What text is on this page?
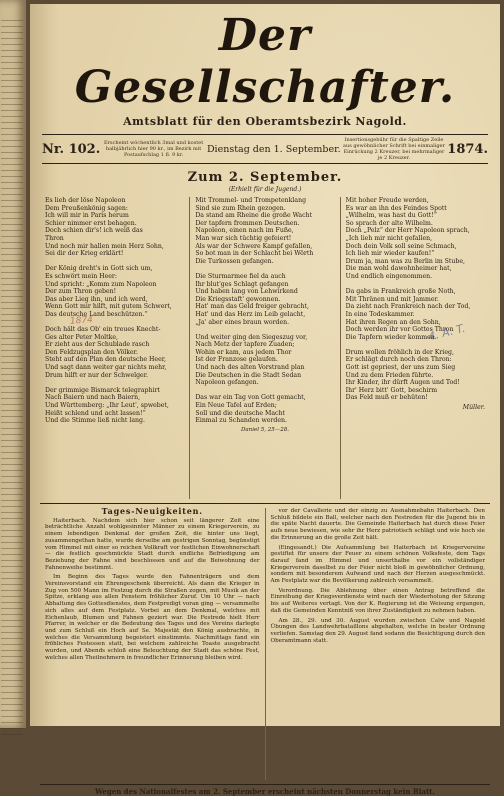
Der Gesellschafter.
Amtsblatt für den Oberamtsbezirk Nagold.
Nr. 102. Erscheint wöchentlich 3mal und kostet halbjährlich hier 90 kr., im Bezirk mit Postaufschlag 1 fl. 9 kr.
Dienstag den 1. September.
Insertionsgebühr für die Spaltige Zeile aus gewöhnlicher Schrift bei einmaliger Einrückung 2 Kreuzer, bei mehrmaliger je 2 Kreuzer.
1874.
Zum 2. September.
(Erhielt für die Jugend.)
Es lieh der löse Napoleon
Dem Preußenkönig sagen:
Ich will mir in Paris herum
Schier nimmer erst behagen.
Doch schien dir's! ich weiß das
Thron
Und noch mir hallen mein Herz Sohn,
Sei dir der Krieg erklärt!

Der König dreht's in Gott sich um,
Es schwört mein Heer:
Und spricht: „Komm zum Napoleon
Der zum Thron geben!
Das aber Lieg ihn, und ich werd,
Wenn Gott mir hilft, mit gutem Schwert,
Das deutsche Land beschützen.“

Doch hält das Ob' ein treues Knecht-
Ges alter Peter Moltke,
Er zieht aus der Schublade rasch
Den Feldzugsplan den Völker.
Steht auf den Plan den deutsche Heer,
Und sagt dann weiter gar nichts mehr,
Drum hilft er nur der Schwelger.

Der grimmige Bismarck telegraphirt
Nach Baiern und nach Baiern,
Und Württemberg: „Ihr Leut', spwebet,
Heißt schlend und acht lassen!“
Und die Stimme ließ nicht lang.
Mit Trommel- und Trompetenklang
Sind sie zum Rhein gezogen.
Da stand am Rheine die große Wacht
Der tapfern frommen Deutschen.
Napoleon, einen nach im Fuße,
Man war sich tüchtig gefeiert!
Als war der Schwere Kampf gefallen,
So bot man in der Schlacht bei Wörth
Die Turkossen gefangen.

Die Sturmarmee fiel da auch
Ihr blut'ges Schlagt gefangen
Und haben lang von Lehwirkend
Die Kriegsstaft' gewonnen.
Hat' man das Geld freiger gebracht,
Hat' und das Herz im Leib gelacht,
„Ja' aber eines braun worden.

Und weiter ging den Siegeszug vor,
Nach Metz der tapfere Zuaden;
Wohin er kam, aus jedem Thor
Ist der Franzose gelaufen.
Und nach des alten Vorstrand plan
Die Deutschen in die Stadt Sedan
Napoleon gefangen.

Das war ein Tag von Gott gemacht,
Ein Neue Tafel auf Erden;
Soll und die deutsche Macht
Einmal zu Schanden werden.
Daniel 5, 25—28.
Mit hoher Freude werden,
Es war an ihn des Feindes Spott
„Wilhelm, was hast du Gott!“
So sprach der alte Wilhelm.
Doch „Pelz“ der Herr Napoleon sprach,
„Ich lieh mir nicht gefallen,
Doch dein Volk soll seine Schmach,
Ich lieh mir wieder kaufen!“
Drum ja, man was zu Berlin im Stube,
Die man wohl dawohnheimer hat,
Und endlich eingenommen.

Da gabs in Frankreich große Noth,
Mit Thränen und mit Jammer.
Da zieht nach Frankreich nach der Tod,
In eine Todeskammer.
Hat ihren Regen an den Sohn,
Doch werden ihr vor Gottes Thron
Die Tapfern wieder kommen.

Drum wollen fröhlich in der Krieg,
Er schlägt durch noch den Thron:
Gott ist gepriest, der uns zum Sieg
Und zu dem Frieden führte.
Ihr Kinder, ihr dürft Augen und Tod!
Ihr' Herz bitt' Gott, beschirm
Das Feld muß er behüten!
Müller.
Tages-Neuigkeiten.

Haiterbach. Nachdem sich hier schon seit längerer Zeit eine beträchtliche Anzahl wohlgesinnter Männer zu einem Kriegerverein, zu einem lebendigen Denkmal der großen Zeit, die hinter uns liegt, zusammengethan hatte, wurde derselbe am gestrigen Sonntag, begünstigt vom Himmel mit einer so reichen Vollkraft vor festlichen Einwohnerschaft — die festlich geschmückte Stadt durch endliche Befriedigung am Beziehung der Fahne sind beschlossen und auf die Beiwohnung der Fahnenweihe bestimmt.

Im Beginn des Tages wurde den Fahnenträgern und dem Vereinsvorstand ein Ehrengeschenk überreicht. Als dann die Krieger in Zug von 500 Mann im Festzug durch die Straßen zogen, mit Musik an der Spitze, erklang aus allen Fenstern fröhlicher Zuruf. Um 10 Uhr — nach Abhaltung des Gottesdienstes, dem Festpredigt voran ging — versammelte sich alles auf dem Festplatz. Vorbei an dem Denkmal, welches mit Eichenlaub, Blumen und Fahnen geziert war. Die Festrede hielt Herr Pfarrer, in welcher er die Bedeutung des Tages und des Vereins darlegte und zum Schluß ein Hoch auf Se. Majestät den König ausbrachte, in welches die Versammlung begeistert einstimmte. Nachmittags fand ein fröhliches Festessen statt, bei welchem zahlreiche Toaste ausgebracht wurden, und Abends schloß eine Beleuchtung der Stadt das schöne Fest, welches allen Theilnehmern in freundlicher Erinnerung bleiben wird.

vor der Cavallerie und der einzig zu Ausnahmebahn Haiterbach. Den Schluß bildete ein Ball, welcher nach den Festreden für die Jugend bis in die späte Nacht dauerte. Die Gemeinde Haiterbach hat durch diese Feier aufs neue bewiesen, wie sehr ihr Herz patriotisch schlägt und wie hoch sie die Erinnerung an die große Zeit hält.

(Eingesandt.) Die Aufsammlung bei Haiterbach ist Kriegervereine gestiftet für unsere der Feuer zu einem schönen Volksfeste, dem Tags darauf fand im Himmel und unserthalbe vor ein vollständiger Kriegerverein daselbst zu der Feier nicht bloß in gewöhnlicher Ordnung, sondern mit besonderem Aufwand und nach der Herzen ausgeschmückt. Am Festplatz war die Bevölkerung zahlreich versammelt.

Verordnung. Die Ablehnung über einen Antrag betreffend die Einreihung der Kriegsverdienste wird nach der Wiederholung der Sitzung bis auf Weiteres vertagt. Von der K. Regierung ist die Weisung ergangen, daß die Gemeinden Kenntniß von ihrer Zuständigkeit zu nehmen haben.

Am 28., 29. und 30. August wurden zwischen Calw und Nagold Übungen des Landwehrbataillons abgehalten, welche in bester Ordnung verliefen. Samstag den 29. August fand sodann die Besichtigung durch den Oberamtmann statt.

Wegen des Nationalfestes am 2. September erscheint nächsten Donnerstag kein Blatt.
1874
4. A. T.
